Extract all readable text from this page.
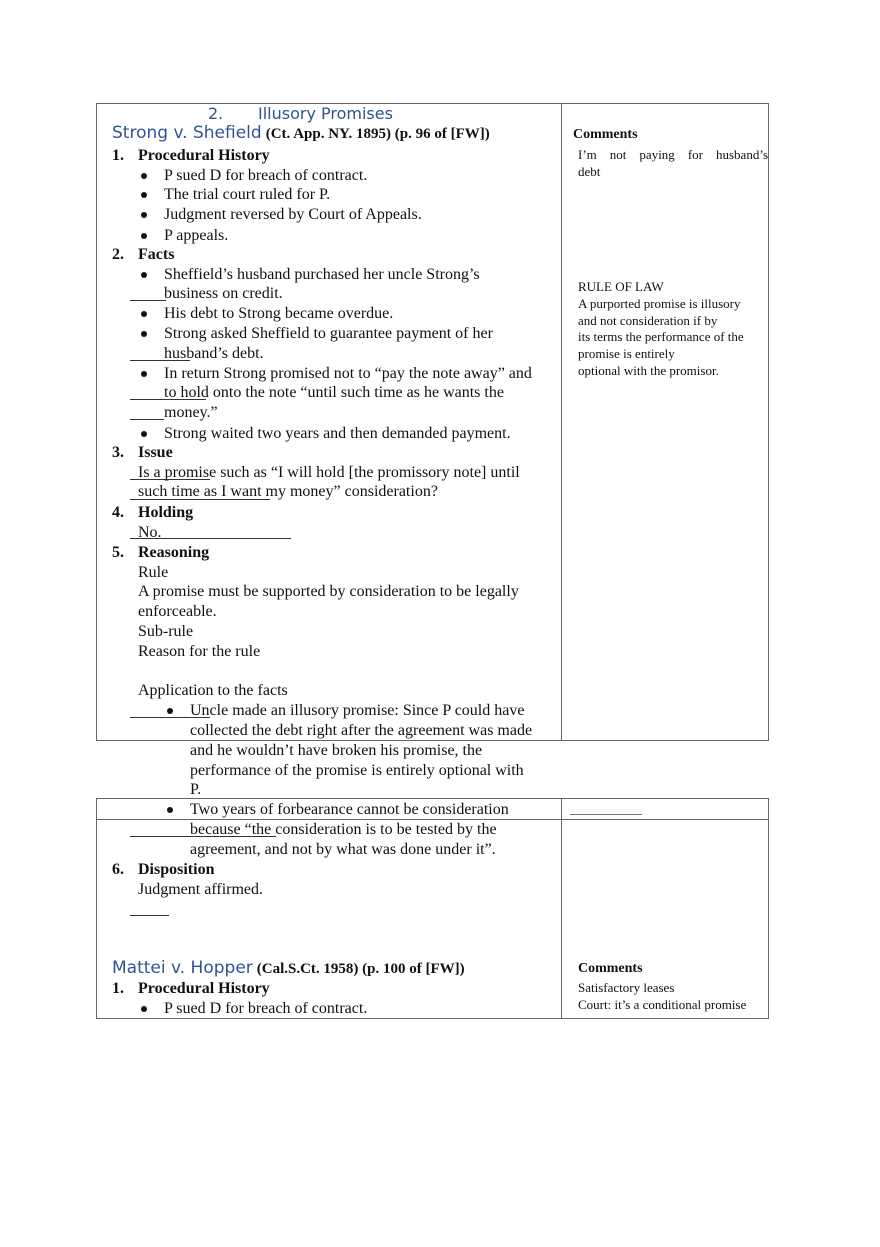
2. Illusory Promises
Strong v. Shefield (Ct. App. NY. 1895) (p. 96 of [FW])
1. Procedural History
P sued D for breach of contract.
The trial court ruled for P.
Judgment reversed by Court of Appeals.
P appeals.
2. Facts
Sheffield’s husband purchased her uncle Strong’s
business on credit.
His debt to Strong became overdue.
Strong asked Sheffield to guarantee payment of her
husband’s debt.
In return Strong promised not to “pay the note away” and
to hold onto the note “until such time as he wants the
money.”
Strong waited two years and then demanded payment.
3. Issue
Is a promise such as “I will hold [the promissory note] until
such time as I want my money” consideration?
4. Holding
No.
5. Reasoning
Rule
A promise must be supported by consideration to be legally
enforceable.
Sub-rule
Reason for the rule
Application to the facts
Uncle made an illusory promise: Since P could have
collected the debt right after the agreement was made
and he wouldn’t have broken his promise, the
performance of the promise is entirely optional with
P.
Comments
I’m not paying for husband’s
debt
RULE OF LAW
A purported promise is illusory
and not consideration if by
its terms the performance of the
promise is entirely
optional with the promisor.
Two years of forbearance cannot be consideration
because “the consideration is to be tested by the
agreement, and not by what was done under it”.
6. Disposition
Judgment affirmed.
Mattei v. Hopper (Cal.S.Ct. 1958) (p. 100 of [FW])
1. Procedural History
P sued D for breach of contract.
Comments
Satisfactory leases
Court: it’s a conditional promise
